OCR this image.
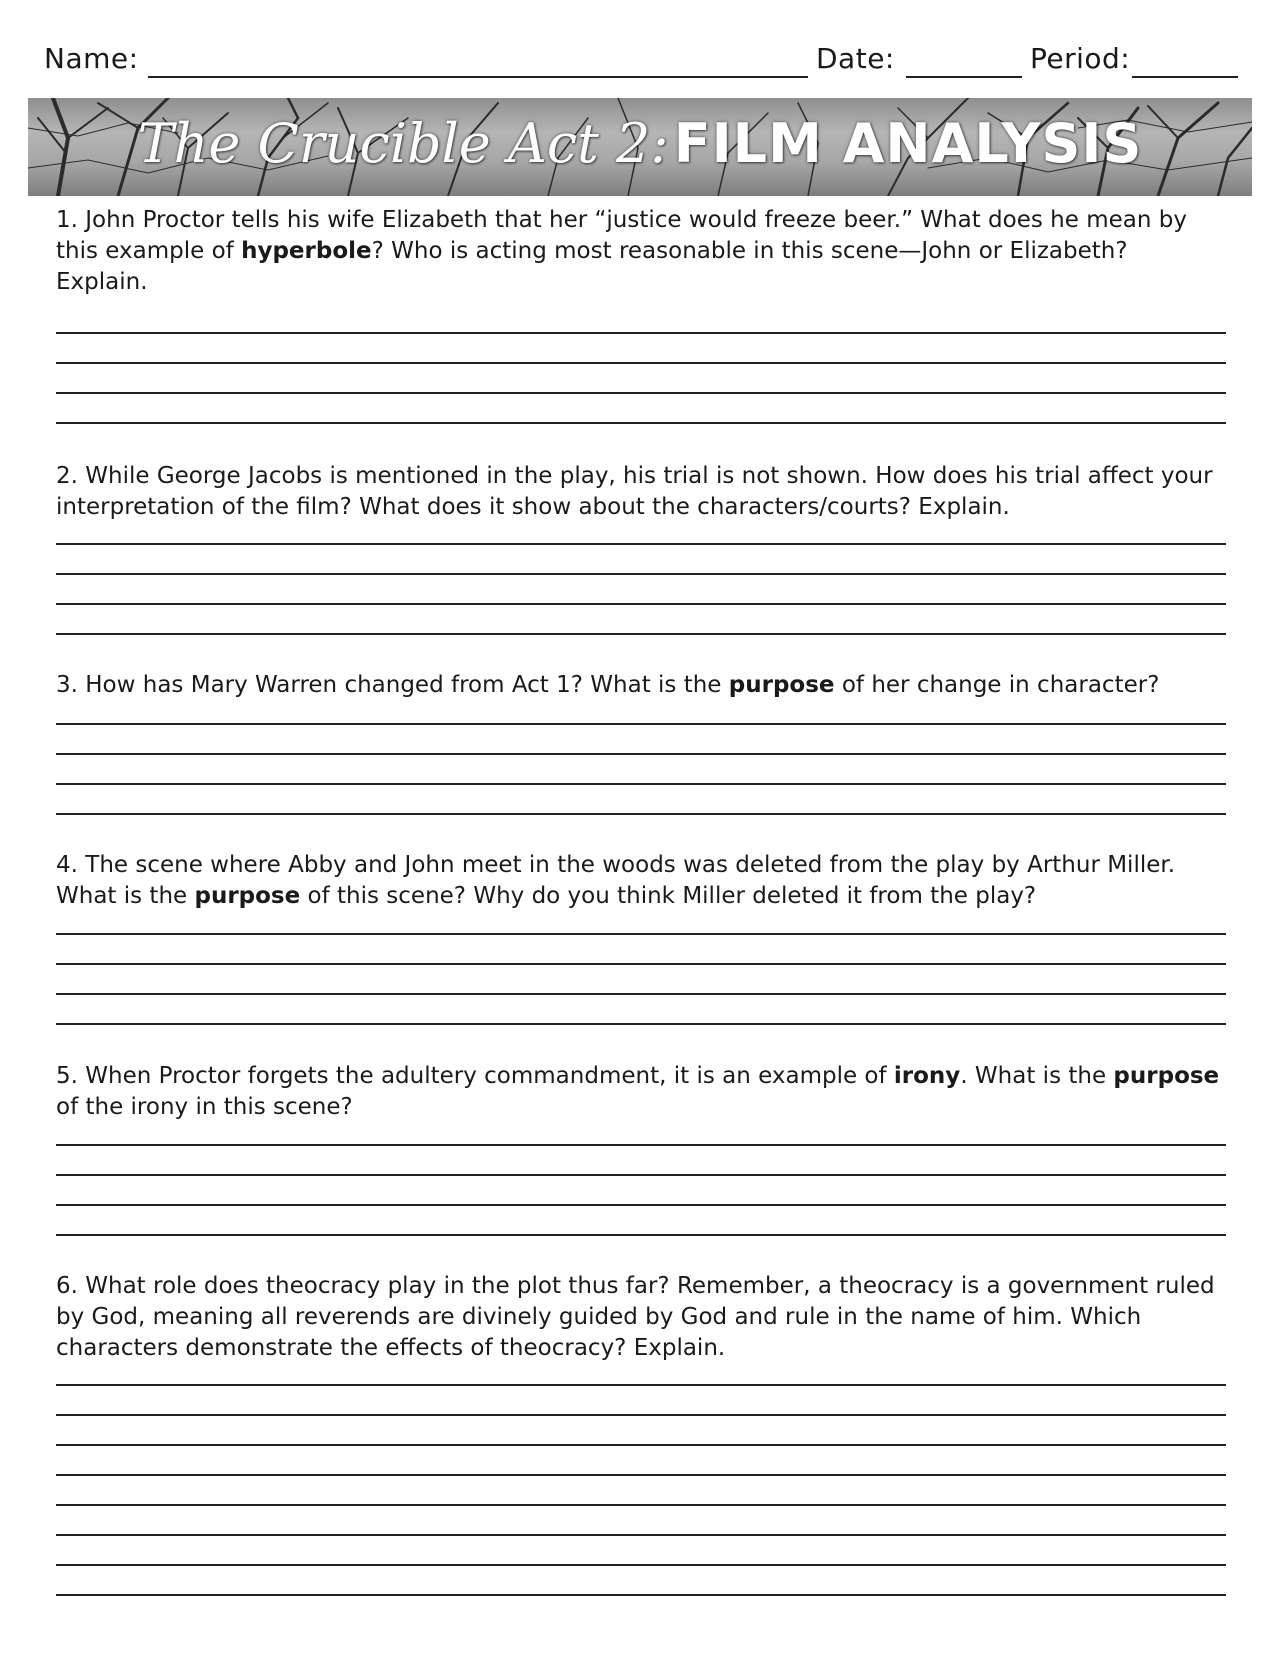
Name:	Date:	Period:
The Crucible Act 2: FILM ANALYSIS

1. John Proctor tells his wife Elizabeth that her “justice would freeze beer.” What does he mean by this example of hyperbole? Who is acting most reasonable in this scene—John or Elizabeth? Explain.

2. While George Jacobs is mentioned in the play, his trial is not shown. How does his trial affect your interpretation of the film? What does it show about the characters/courts? Explain.

3. How has Mary Warren changed from Act 1? What is the purpose of her change in character?

4. The scene where Abby and John meet in the woods was deleted from the play by Arthur Miller. What is the purpose of this scene? Why do you think Miller deleted it from the play?

5. When Proctor forgets the adultery commandment, it is an example of irony. What is the purpose of the irony in this scene?

6. What role does theocracy play in the plot thus far? Remember, a theocracy is a government ruled by God, meaning all reverends are divinely guided by God and rule in the name of him. Which characters demonstrate the effects of theocracy? Explain.
